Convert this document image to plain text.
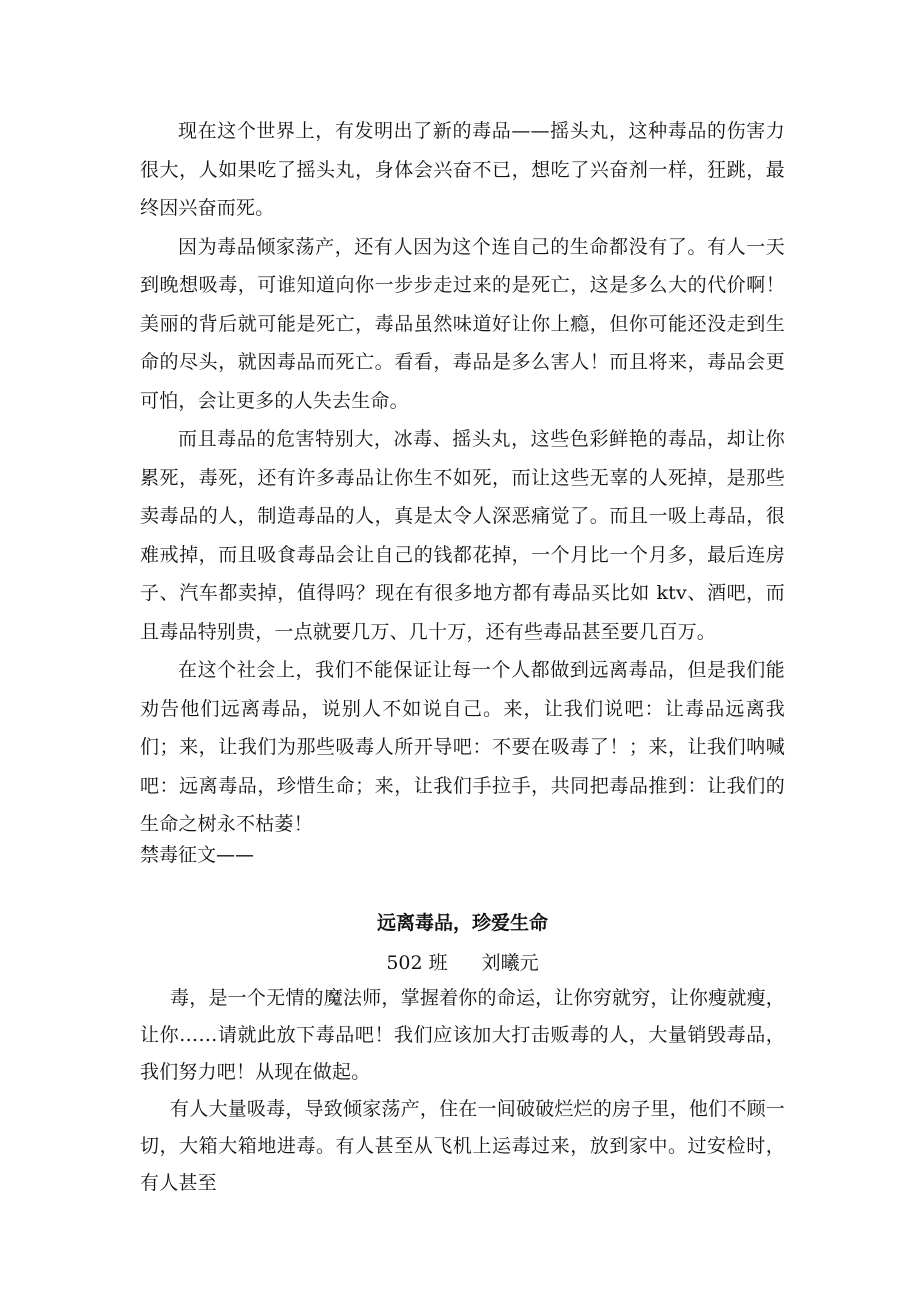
现在这个世界上，有发明出了新的毒品——摇头丸，这种毒品的伤害力很大，人如果吃了摇头丸，身体会兴奋不已，想吃了兴奋剂一样，狂跳，最终因兴奋而死。

因为毒品倾家荡产，还有人因为这个连自己的生命都没有了。有人一天到晚想吸毒，可谁知道向你一步步走过来的是死亡，这是多么大的代价啊！美丽的背后就可能是死亡，毒品虽然味道好让你上瘾，但你可能还没走到生命的尽头，就因毒品而死亡。看看，毒品是多么害人！而且将来，毒品会更可怕，会让更多的人失去生命。

而且毒品的危害特别大，冰毒、摇头丸，这些色彩鲜艳的毒品，却让你累死，毒死，还有许多毒品让你生不如死，而让这些无辜的人死掉，是那些卖毒品的人，制造毒品的人，真是太令人深恶痛觉了。而且一吸上毒品，很难戒掉，而且吸食毒品会让自己的钱都花掉，一个月比一个月多，最后连房子、汽车都卖掉，值得吗？现在有很多地方都有毒品买比如 ktv、酒吧，而且毒品特别贵，一点就要几万、几十万，还有些毒品甚至要几百万。

在这个社会上，我们不能保证让每一个人都做到远离毒品，但是我们能劝告他们远离毒品，说别人不如说自己。来，让我们说吧：让毒品远离我们；来，让我们为那些吸毒人所开导吧：不要在吸毒了！；来，让我们呐喊吧：远离毒品，珍惜生命；来，让我们手拉手，共同把毒品推到：让我们的生命之树永不枯萎！

禁毒征文——

远离毒品，珍爱生命

502 班 刘曦元

毒，是一个无情的魔法师，掌握着你的命运，让你穷就穷，让你瘦就瘦，让你……请就此放下毒品吧！我们应该加大打击贩毒的人，大量销毁毒品，我们努力吧！从现在做起。

有人大量吸毒，导致倾家荡产，住在一间破破烂烂的房子里，他们不顾一切，大箱大箱地进毒。有人甚至从飞机上运毒过来，放到家中。过安检时，有人甚至
